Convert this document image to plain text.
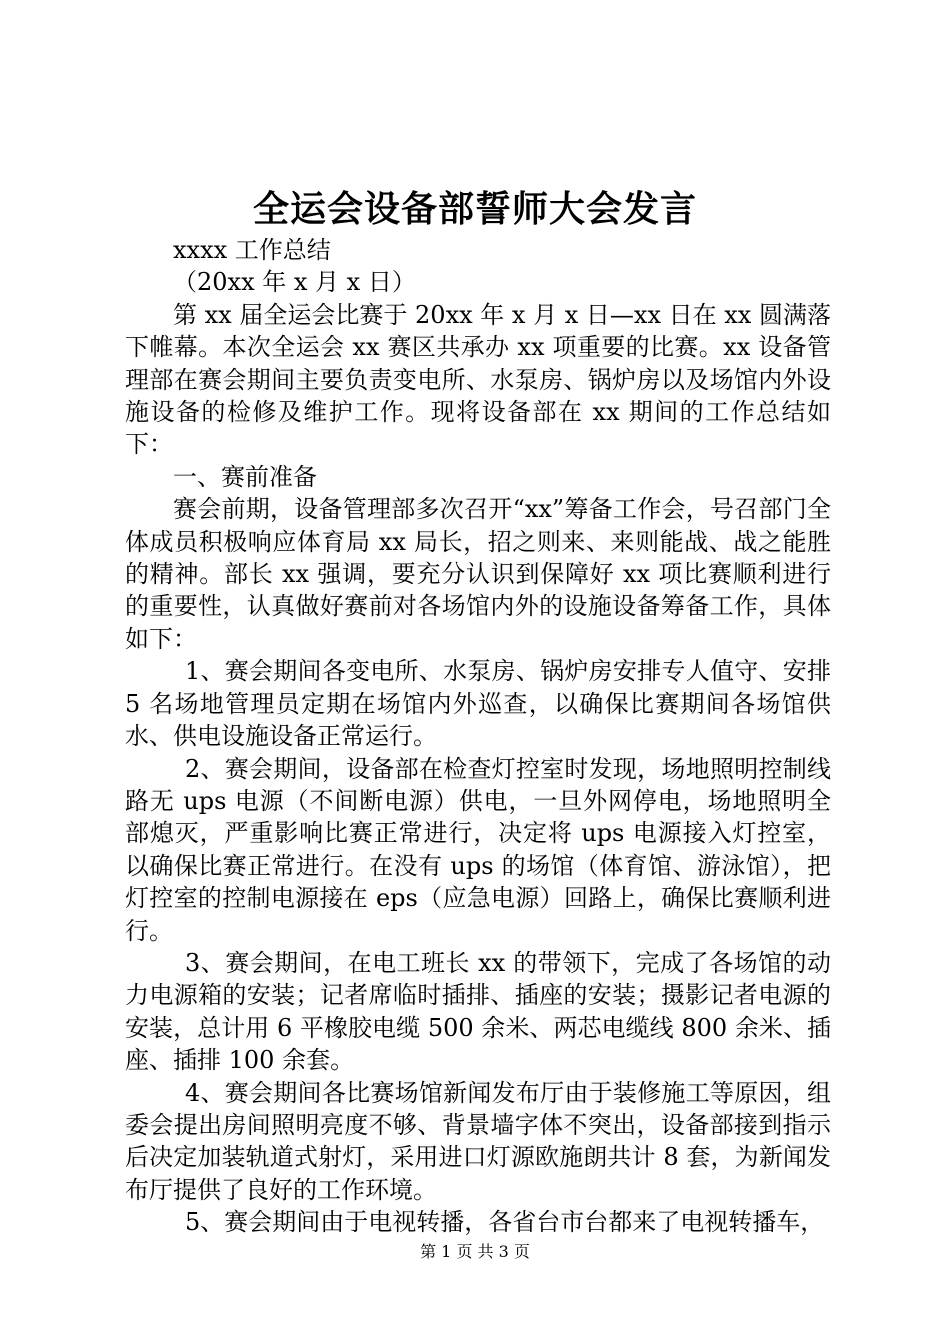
全运会设备部誓师大会发言

xxxx 工作总结

（20xx 年 x 月 x 日）

第 xx 届全运会比赛于 20xx 年 x 月 x 日—xx 日在 xx 圆满落下帷幕。本次全运会 xx 赛区共承办 xx 项重要的比赛。xx 设备管理部在赛会期间主要负责变电所、水泵房、锅炉房以及场馆内外设施设备的检修及维护工作。现将设备部在 xx 期间的工作总结如下：

一、赛前准备

赛会前期，设备管理部多次召开“xx”筹备工作会，号召部门全体成员积极响应体育局 xx 局长，招之则来、来则能战、战之能胜的精神。部长 xx 强调，要充分认识到保障好 xx 项比赛顺利进行的重要性，认真做好赛前对各场馆内外的设施设备筹备工作，具体如下：

1、赛会期间各变电所、水泵房、锅炉房安排专人值守、安排 5 名场地管理员定期在场馆内外巡查，以确保比赛期间各场馆供水、供电设施设备正常运行。

2、赛会期间，设备部在检查灯控室时发现，场地照明控制线路无 ups 电源（不间断电源）供电，一旦外网停电，场地照明全部熄灭，严重影响比赛正常进行，决定将 ups 电源接入灯控室，以确保比赛正常进行。在没有 ups 的场馆（体育馆、游泳馆），把灯控室的控制电源接在 eps（应急电源）回路上，确保比赛顺利进行。

3、赛会期间，在电工班长 xx 的带领下，完成了各场馆的动力电源箱的安装；记者席临时插排、插座的安装；摄影记者电源的安装，总计用 6 平橡胶电缆 500 余米、两芯电缆线 800 余米、插座、插排 100 余套。

4、赛会期间各比赛场馆新闻发布厅由于装修施工等原因，组委会提出房间照明亮度不够、背景墙字体不突出，设备部接到指示后决定加装轨道式射灯，采用进口灯源欧施朗共计 8 套，为新闻发布厅提供了良好的工作环境。

5、赛会期间由于电视转播，各省台市台都来了电视转播车，

第 1 页 共 3 页
